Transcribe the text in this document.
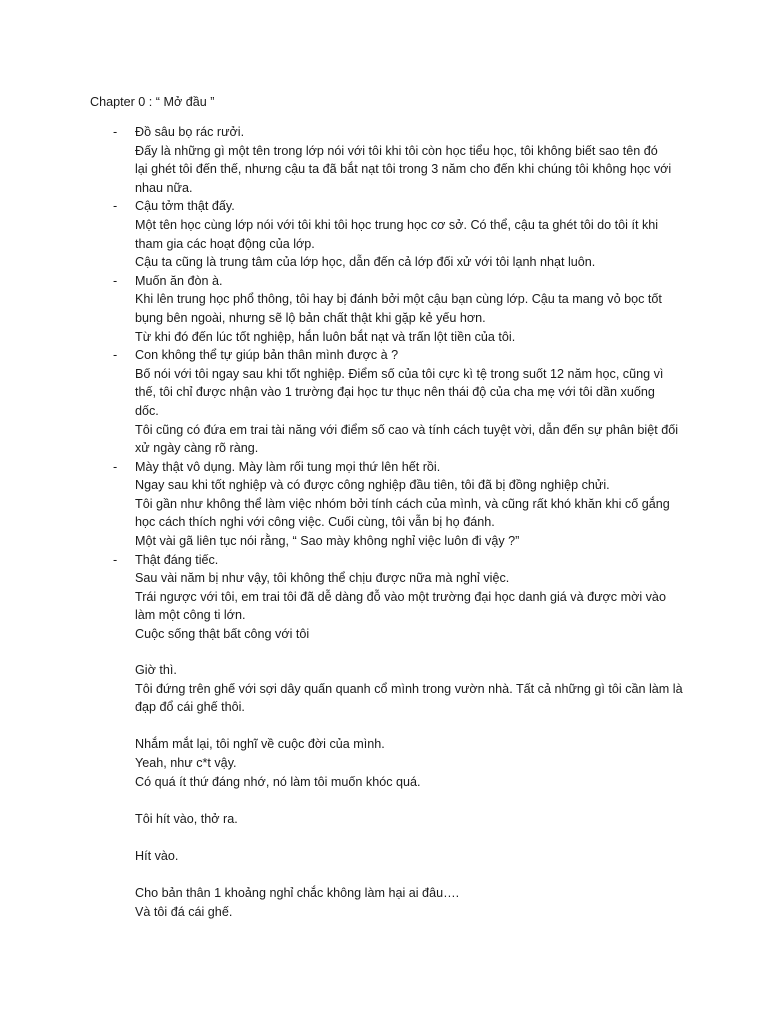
Chapter 0 : “ Mở đầu ”
-	Đồ sâu bọ rác rưởi.
Đấy là những gì một tên trong lớp nói với tôi khi tôi còn học tiểu học, tôi không biết sao tên đó
lại ghét tôi đến thế, nhưng cậu ta đã bắt nạt tôi trong 3 năm cho đến khi chúng tôi không học với
nhau nữa.
-	Cậu tởm thật đấy.
Một tên học cùng lớp nói với tôi khi tôi học trung học cơ sở. Có thể, cậu ta ghét tôi do tôi ít khi
tham gia các hoạt động của lớp.
Cậu ta cũng là trung tâm của lớp học, dẫn đến cả lớp đối xử với tôi lạnh nhạt luôn.
-	Muốn ăn đòn à.
Khi lên trung học phổ thông, tôi hay bị đánh bởi một cậu bạn cùng lớp. Cậu ta mang vỏ bọc tốt
bụng bên ngoài, nhưng sẽ lộ bản chất thật khi gặp kẻ yếu hơn.
Từ khi đó đến lúc tốt nghiệp, hắn luôn bắt nạt và trấn lột tiền của tôi.
-	Con không thể tự giúp bản thân mình được à ?
Bố nói với tôi ngay sau khi tốt nghiệp. Điểm số của tôi cực kì tệ trong suốt 12 năm học, cũng vì
thế, tôi chỉ được nhận vào 1 trường đại học tư thục nên thái độ của cha mẹ với tôi dần xuống
dốc.
Tôi cũng có đứa em trai tài năng với điểm số cao và tính cách tuyệt vời, dẫn đến sự phân biệt đối
xử ngày càng rõ ràng.
-	Mày thật vô dụng. Mày làm rối tung mọi thứ lên hết rồi.
Ngay sau khi tốt nghiệp và có được công nghiệp đầu tiên, tôi đã bị đồng nghiệp chửi.
Tôi gần như không thể làm việc nhóm bởi tính cách của mình, và cũng rất khó khăn khi cố gắng
học cách thích nghi với công việc. Cuối cùng, tôi vẫn bị họ đánh.
Một vài gã liên tục nói rằng, “ Sao mày không nghỉ việc luôn đi vậy ?”
-	Thật đáng tiếc.
Sau vài năm bị như vậy, tôi không thể chịu được nữa mà nghỉ việc.
Trái ngược với tôi, em trai tôi đã dễ dàng đỗ vào một trường đại học danh giá và được mời vào
làm một công ti lớn.
Cuộc sống thật bất công với tôi
Giờ thì.
Tôi đứng trên ghế với sợi dây quấn quanh cổ mình trong vườn nhà. Tất cả những gì tôi cần làm là
đạp đổ cái ghế thôi.
Nhắm mắt lại, tôi nghĩ về cuộc đời của mình.
Yeah, như c*t vậy.
Có quá ít thứ đáng nhớ, nó làm tôi muốn khóc quá.
Tôi hít vào, thở ra.
Hít vào.
Cho bản thân 1 khoảng nghỉ chắc không làm hại ai đâu….
Và tôi đá cái ghế.
